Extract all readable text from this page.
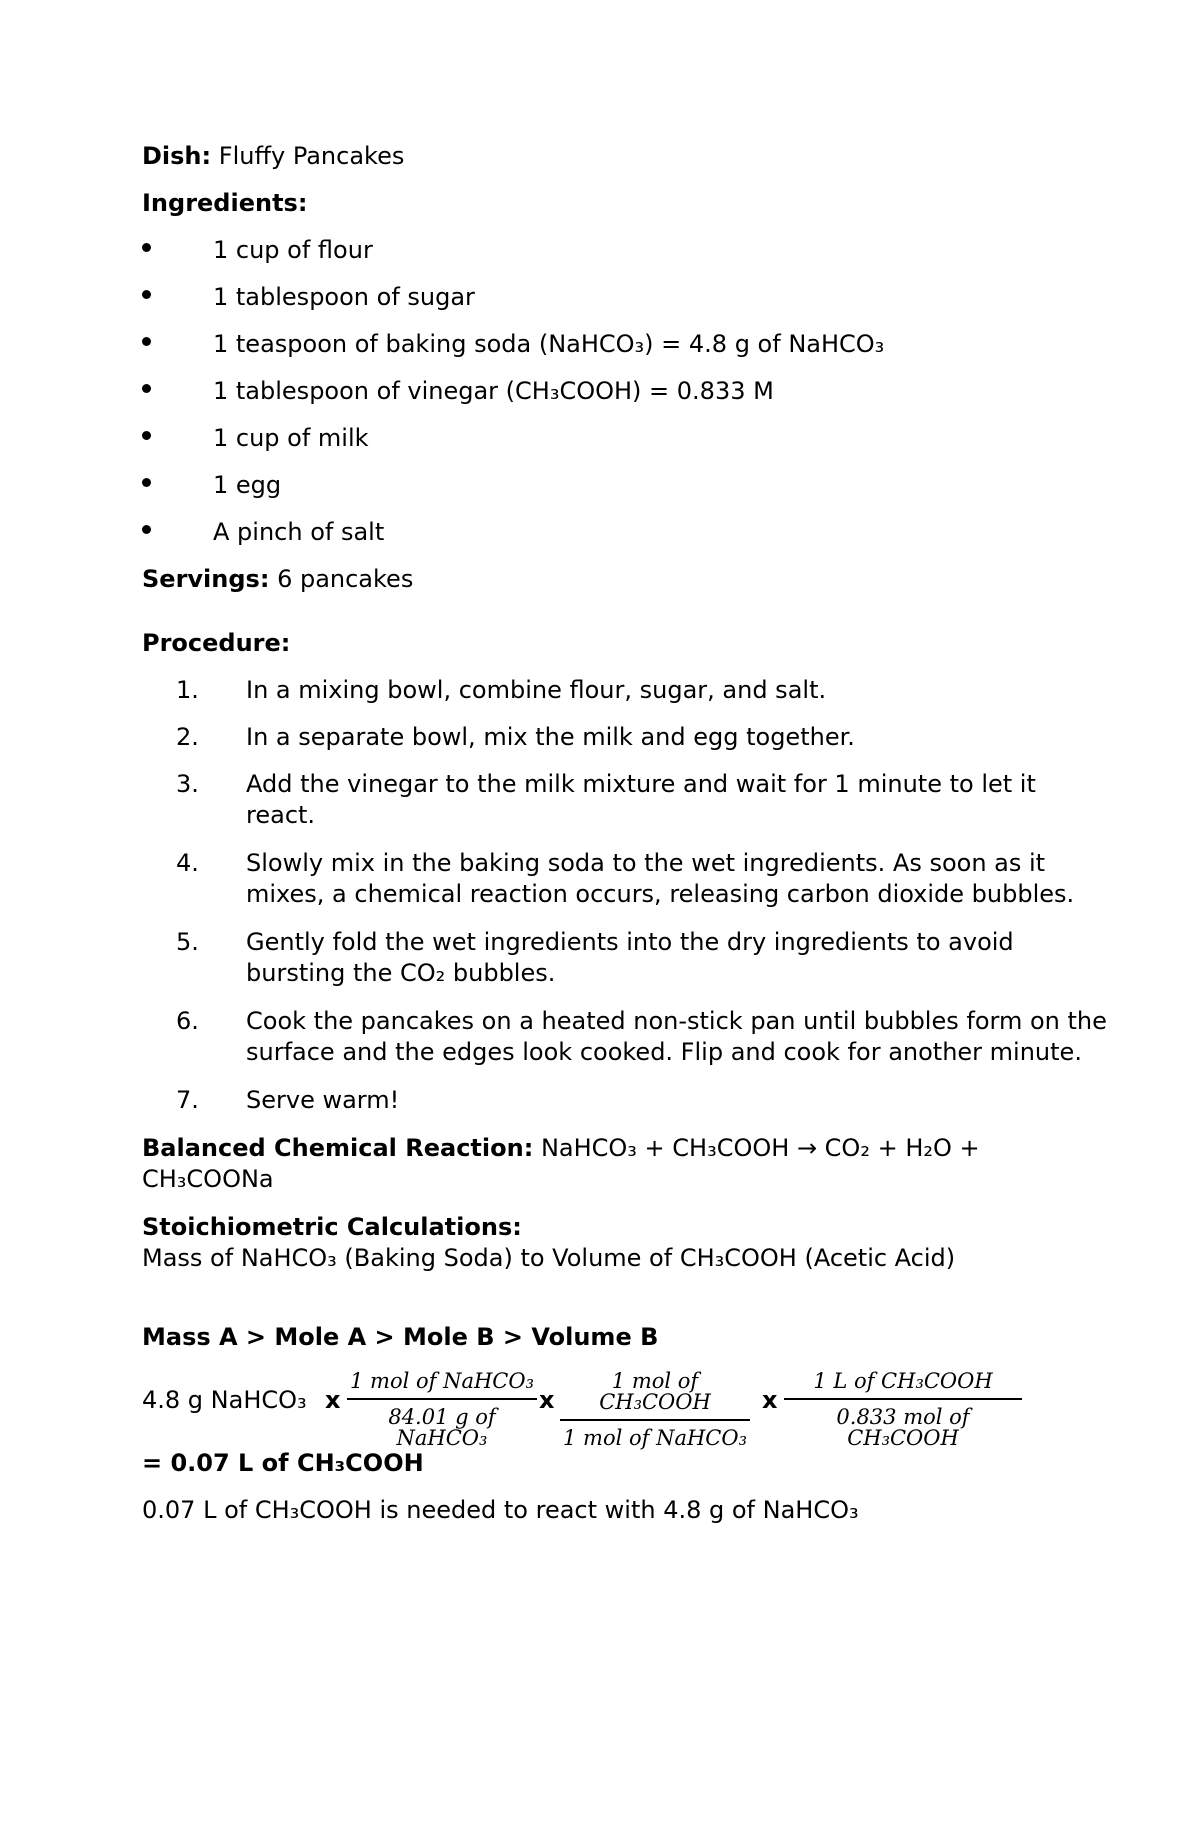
Dish: Fluffy Pancakes
Ingredients:
1 cup of flour
1 tablespoon of sugar
1 teaspoon of baking soda (NaHCO₃) = 4.8 g of NaHCO₃
1 tablespoon of vinegar (CH₃COOH) = 0.833 M
1 cup of milk
1 egg
A pinch of salt
Servings: 6 pancakes
Procedure:
1.	In a mixing bowl, combine flour, sugar, and salt.
2.	In a separate bowl, mix the milk and egg together.
3.	Add the vinegar to the milk mixture and wait for 1 minute to let it
react.
4.	Slowly mix in the baking soda to the wet ingredients. As soon as it
mixes, a chemical reaction occurs, releasing carbon dioxide bubbles.
5.	Gently fold the wet ingredients into the dry ingredients to avoid
bursting the CO₂ bubbles.
6.	Cook the pancakes on a heated non-stick pan until bubbles form on the
surface and the edges look cooked. Flip and cook for another minute.
7.	Serve warm!
Balanced Chemical Reaction: NaHCO₃ + CH₃COOH → CO₂ + H₂O +
CH₃COONa
Stoichiometric Calculations:
Mass of NaHCO₃ (Baking Soda) to Volume of CH₃COOH (Acetic Acid)
Mass A > Mole A > Mole B > Volume B
4.8 g NaHCO₃ x
1 mol of NaHCO₃
84.01 g of NaHCO₃
x
1 mol of CH₃COOH
1 mol of NaHCO₃
x
1 L of CH₃COOH
0.833 mol of CH₃COOH
= 0.07 L of CH₃COOH
0.07 L of CH₃COOH is needed to react with 4.8 g of NaHCO₃
